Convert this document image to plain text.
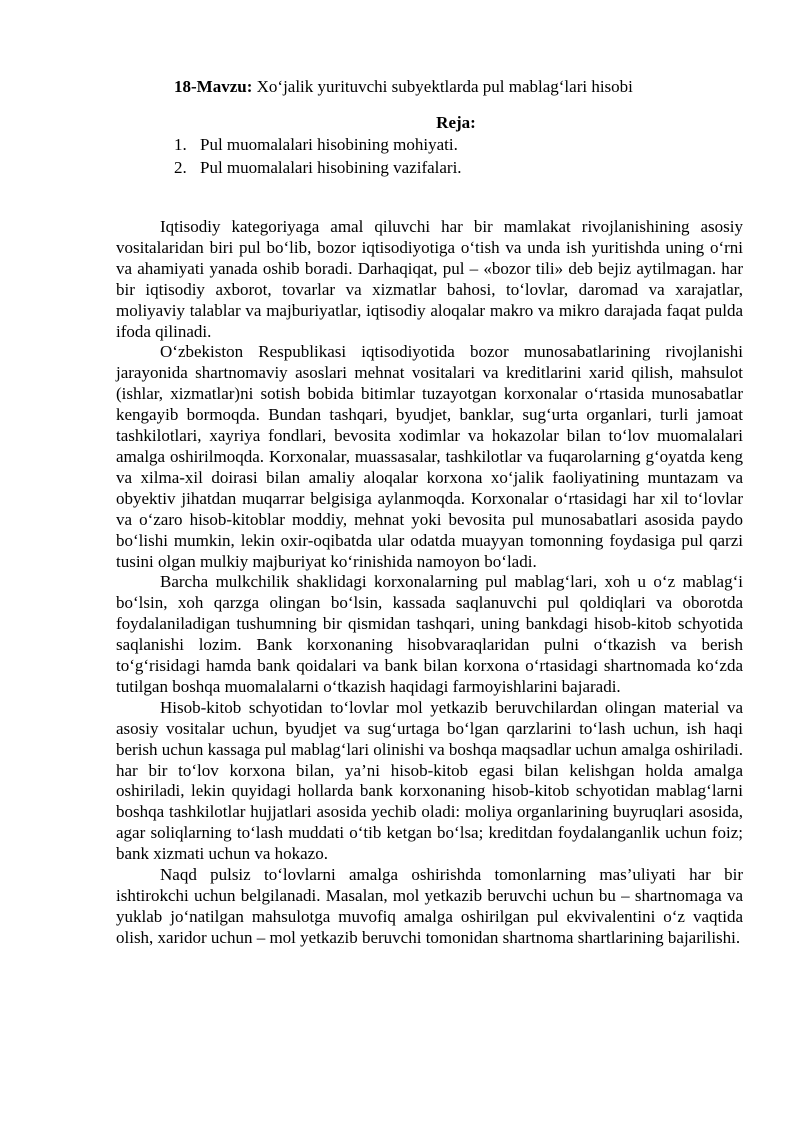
18-Mavzu: Xo‘jalik yurituvchi subyektlarda pul mablag‘lari hisobi
Reja:
1. Pul muomalalari hisobining mohiyati.
2. Pul muomalalari hisobining vazifalari.

Iqtisodiy kategoriyaga amal qiluvchi har bir mamlakat rivojlanishining asosiy vositalaridan biri pul bo‘lib, bozor iqtisodiyotiga o‘tish va unda ish yuritishda uning o‘rni va ahamiyati yanada oshib boradi. Darhaqiqat, pul – «bozor tili» deb bejiz aytilmagan. har bir iqtisodiy axborot, tovarlar va xizmatlar bahosi, to‘lovlar, daromad va xarajatlar, moliyaviy talablar va majburiyatlar, iqtisodiy aloqalar makro va mikro darajada faqat pulda ifoda qilinadi.

O‘zbekiston Respublikasi iqtisodiyotida bozor munosabatlarining rivojlanishi jarayonida shartnomaviy asoslari mehnat vositalari va kreditlarini xarid qilish, mahsulot (ishlar, xizmatlar)ni sotish bobida bitimlar tuzayotgan korxonalar o‘rtasida munosabatlar kengayib bormoqda. Bundan tashqari, byudjet, banklar, sug‘urta organlari, turli jamoat tashkilotlari, xayriya fondlari, bevosita xodimlar va hokazolar bilan to‘lov muomalalari amalga oshirilmoqda. Korxonalar, muassasalar, tashkilotlar va fuqarolarning g‘oyatda keng va xilma-xil doirasi bilan amaliy aloqalar korxona xo‘jalik faoliyatining muntazam va obyektiv jihatdan muqarrar belgisiga aylanmoqda. Korxonalar o‘rtasidagi har xil to‘lovlar va o‘zaro hisob-kitoblar moddiy, mehnat yoki bevosita pul munosabatlari asosida paydo bo‘lishi mumkin, lekin oxir-oqibatda ular odatda muayyan tomonning foydasiga pul qarzi tusini olgan mulkiy majburiyat ko‘rinishida namoyon bo‘ladi.

Barcha mulkchilik shaklidagi korxonalarning pul mablag‘lari, xoh u o‘z mablag‘i bo‘lsin, xoh qarzga olingan bo‘lsin, kassada saqlanuvchi pul qoldiqlari va oborotda foydalaniladigan tushumning bir qismidan tashqari, uning bankdagi hisob-kitob schyotida saqlanishi lozim. Bank korxonaning hisobvaraqlaridan pulni o‘tkazish va berish to‘g‘risidagi hamda bank qoidalari va bank bilan korxona o‘rtasidagi shartnomada ko‘zda tutilgan boshqa muomalalarni o‘tkazish haqidagi farmoyishlarini bajaradi.

Hisob-kitob schyotidan to‘lovlar mol yetkazib beruvchilardan olingan material va asosiy vositalar uchun, byudjet va sug‘urtaga bo‘lgan qarzlarini to‘lash uchun, ish haqi berish uchun kassaga pul mablag‘lari olinishi va boshqa maqsadlar uchun amalga oshiriladi. har bir to‘lov korxona bilan, ya’ni hisob-kitob egasi bilan kelishgan holda amalga oshiriladi, lekin quyidagi hollarda bank korxonaning hisob-kitob schyotidan mablag‘larni boshqa tashkilotlar hujjatlari asosida yechib oladi: moliya organlarining buyruqlari asosida, agar soliqlarning to‘lash muddati o‘tib ketgan bo‘lsa; kreditdan foydalanganlik uchun foiz; bank xizmati uchun va hokazo.

Naqd pulsiz to‘lovlarni amalga oshirishda tomonlarning mas’uliyati har bir ishtirokchi uchun belgilanadi. Masalan, mol yetkazib beruvchi uchun bu – shartnomaga va yuklab jo‘natilgan mahsulotga muvofiq amalga oshirilgan pul ekvivalentini o‘z vaqtida olish, xaridor uchun – mol yetkazib beruvchi tomonidan shartnoma shartlarining bajarilishi.
